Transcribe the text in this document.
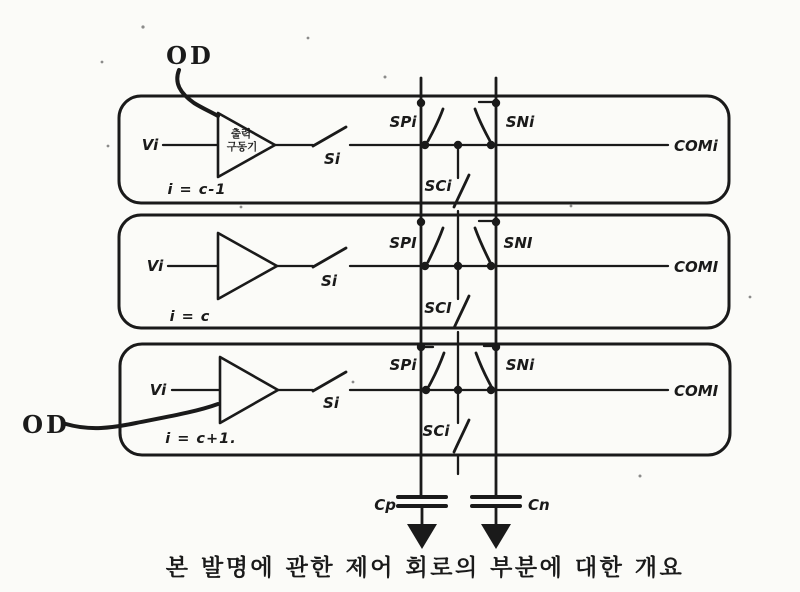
Vi
출력
구동기
Si
SPi	SNi
SCi
i = c-1
COMi
Vi
Si
SPI	SNI
SCI
i = c
COMI
Vi
Si
SPi	SNi
SCi
i = c+1.
COMI
OD
OD
Cp	Cn
본 발명에 관한 제어 회로의 부분에 대한 개요
